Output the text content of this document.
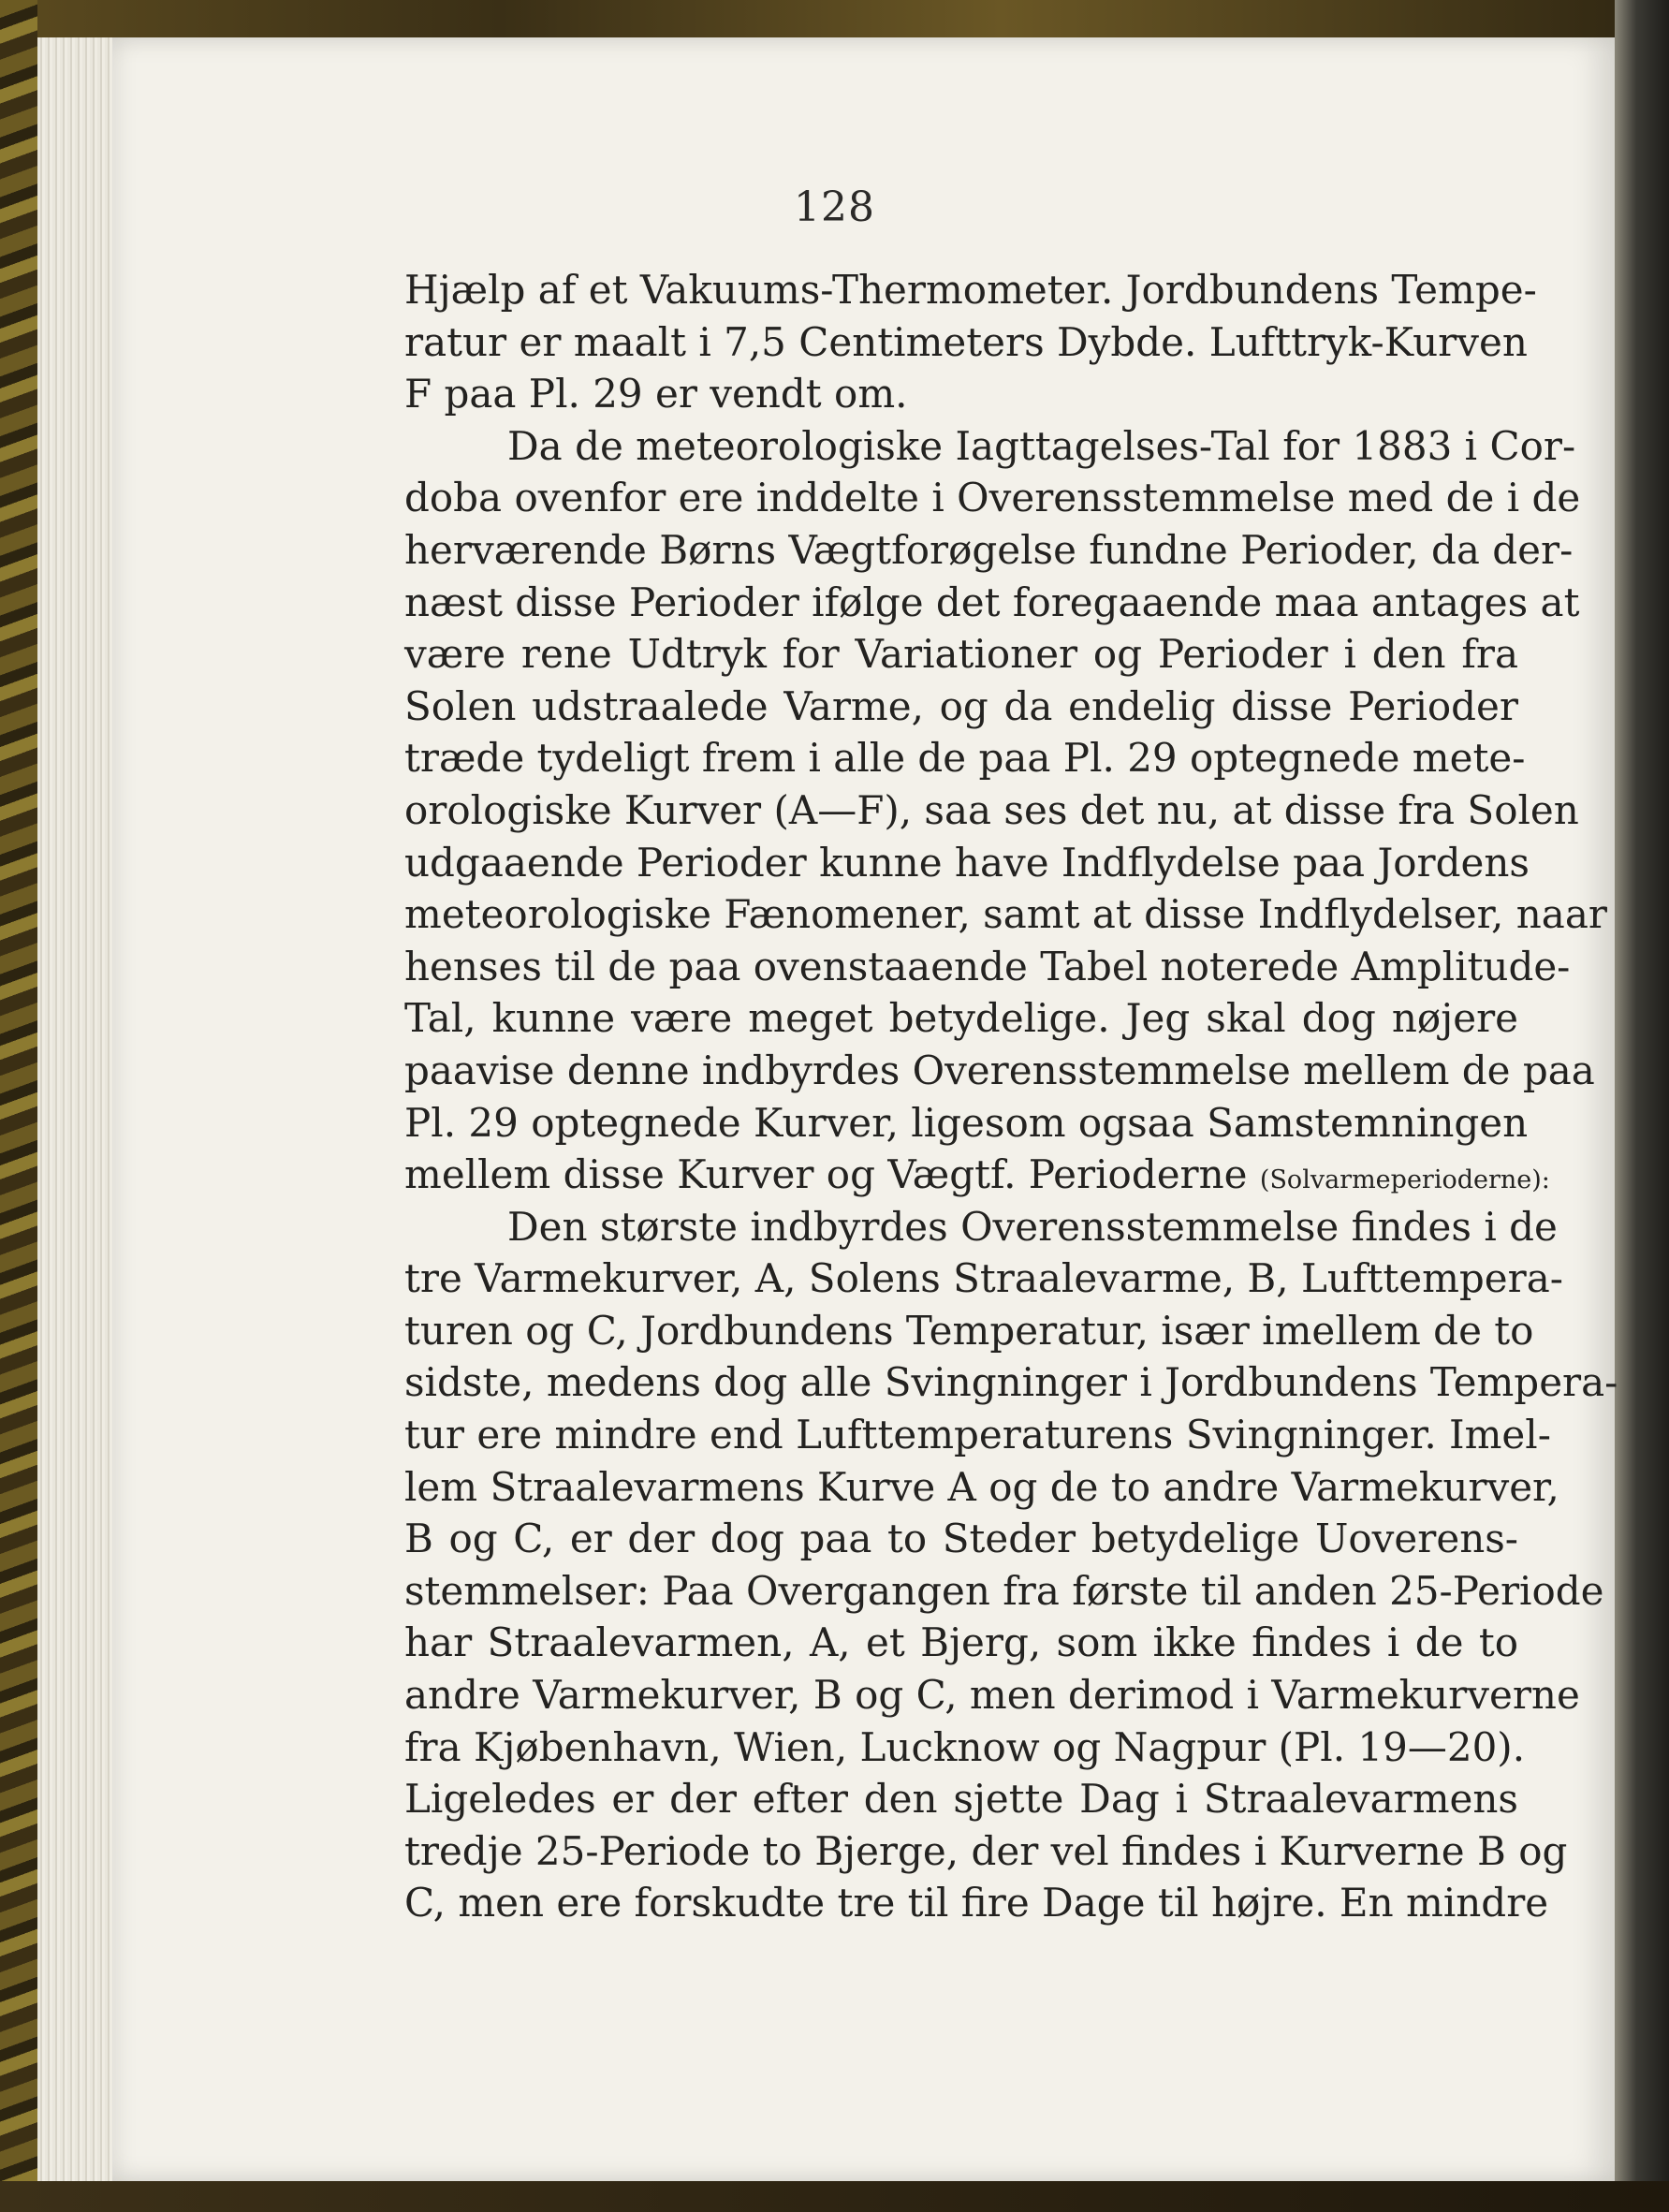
128
Hjælp af et Vakuums-Thermometer. Jordbundens Tempe-
ratur er maalt i 7,5 Centimeters Dybde. Lufttryk-Kurven
F paa Pl. 29 er vendt om.
Da de meteorologiske Iagttagelses-Tal for 1883 i Cor-
doba ovenfor ere inddelte i Overensstemmelse med de i de
herværende Børns Vægtforøgelse fundne Perioder, da der-
næst disse Perioder ifølge det foregaaende maa antages at
være rene Udtryk for Variationer og Perioder i den fra
Solen udstraalede Varme, og da endelig disse Perioder
træde tydeligt frem i alle de paa Pl. 29 optegnede mete-
orologiske Kurver (A—F), saa ses det nu, at disse fra Solen
udgaaende Perioder kunne have Indflydelse paa Jordens
meteorologiske Fænomener, samt at disse Indflydelser, naar
henses til de paa ovenstaaende Tabel noterede Amplitude-
Tal, kunne være meget betydelige. Jeg skal dog nøjere
paavise denne indbyrdes Overensstemmelse mellem de paa
Pl. 29 optegnede Kurver, ligesom ogsaa Samstemningen
mellem disse Kurver og Vægtf. Perioderne (Solvarmeperioderne):
Den største indbyrdes Overensstemmelse findes i de
tre Varmekurver, A, Solens Straalevarme, B, Lufttempera-
turen og C, Jordbundens Temperatur, især imellem de to
sidste, medens dog alle Svingninger i Jordbundens Tempera-
tur ere mindre end Lufttemperaturens Svingninger. Imel-
lem Straalevarmens Kurve A og de to andre Varmekurver,
B og C, er der dog paa to Steder betydelige Uoverens-
stemmelser: Paa Overgangen fra første til anden 25-Periode
har Straalevarmen, A, et Bjerg, som ikke findes i de to
andre Varmekurver, B og C, men derimod i Varmekurverne
fra Kjøbenhavn, Wien, Lucknow og Nagpur (Pl. 19—20).
Ligeledes er der efter den sjette Dag i Straalevarmens
tredje 25-Periode to Bjerge, der vel findes i Kurverne B og
C, men ere forskudte tre til fire Dage til højre. En mindre
